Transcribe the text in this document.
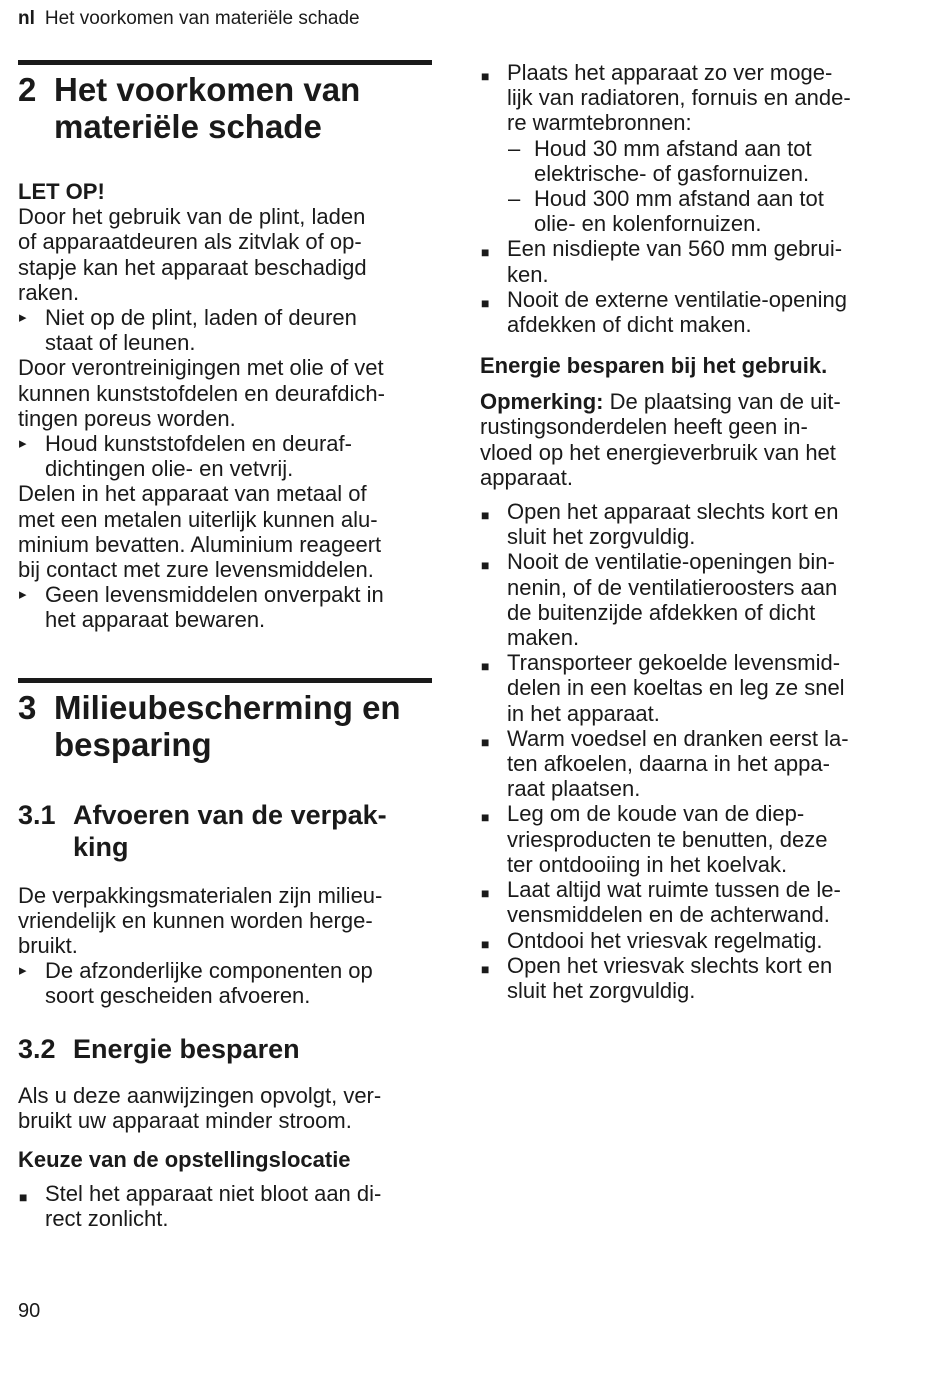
nl Het voorkomen van materiële schade
2 Het voorkomen van
materiële schade

LET OP!

Door het gebruik van de plint, laden
of apparaatdeuren als zitvlak of op-
stapje kan het apparaat beschadigd
raken.

▸ Niet op de plint, laden of deuren
staat of leunen.

Door verontreinigingen met olie of vet
kunnen kunststofdelen en deurafdich-
tingen poreus worden.

▸ Houd kunststofdelen en deuraf-
dichtingen olie- en vetvrij.

Delen in het apparaat van metaal of
met een metalen uiterlijk kunnen alu-
minium bevatten. Aluminium reageert
bij contact met zure levensmiddelen.

▸ Geen levensmiddelen onverpakt in
het apparaat bewaren.
3 Milieubescherming en
besparing
3.1 Afvoeren van de verpak-
king

De verpakkingsmaterialen zijn milieu-
vriendelijk en kunnen worden herge-
bruikt.

▸ De afzonderlijke componenten op
soort gescheiden afvoeren.
3.2 Energie besparen

Als u deze aanwijzingen opvolgt, ver-
bruikt uw apparaat minder stroom.

Keuze van de opstellingslocatie
■ Stel het apparaat niet bloot aan di-
rect zonlicht.
■ Plaats het apparaat zo ver moge-
lijk van radiatoren, fornuis en ande-
re warmtebronnen:
– Houd 30 mm afstand aan tot
elektrische- of gasfornuizen.
– Houd 300 mm afstand aan tot
olie- en kolenfornuizen.
■ Een nisdiepte van 560 mm gebrui-
ken.
■ Nooit de externe ventilatie-opening
afdekken of dicht maken.
Energie besparen bij het gebruik.

Opmerking: De plaatsing van de uit-
rustingsonderdelen heeft geen in-
vloed op het energieverbruik van het
apparaat.

■ Open het apparaat slechts kort en
sluit het zorgvuldig.
■ Nooit de ventilatie-openingen bin-
nenin, of de ventilatieroosters aan
de buitenzijde afdekken of dicht
maken.
■ Transporteer gekoelde levensmid-
delen in een koeltas en leg ze snel
in het apparaat.
■ Warm voedsel en dranken eerst la-
ten afkoelen, daarna in het appa-
raat plaatsen.
■ Leg om de koude van de diep-
vriesproducten te benutten, deze
ter ontdooiing in het koelvak.
■ Laat altijd wat ruimte tussen de le-
vensmiddelen en de achterwand.
■ Ontdooi het vriesvak regelmatig.
■ Open het vriesvak slechts kort en
sluit het zorgvuldig.
90
